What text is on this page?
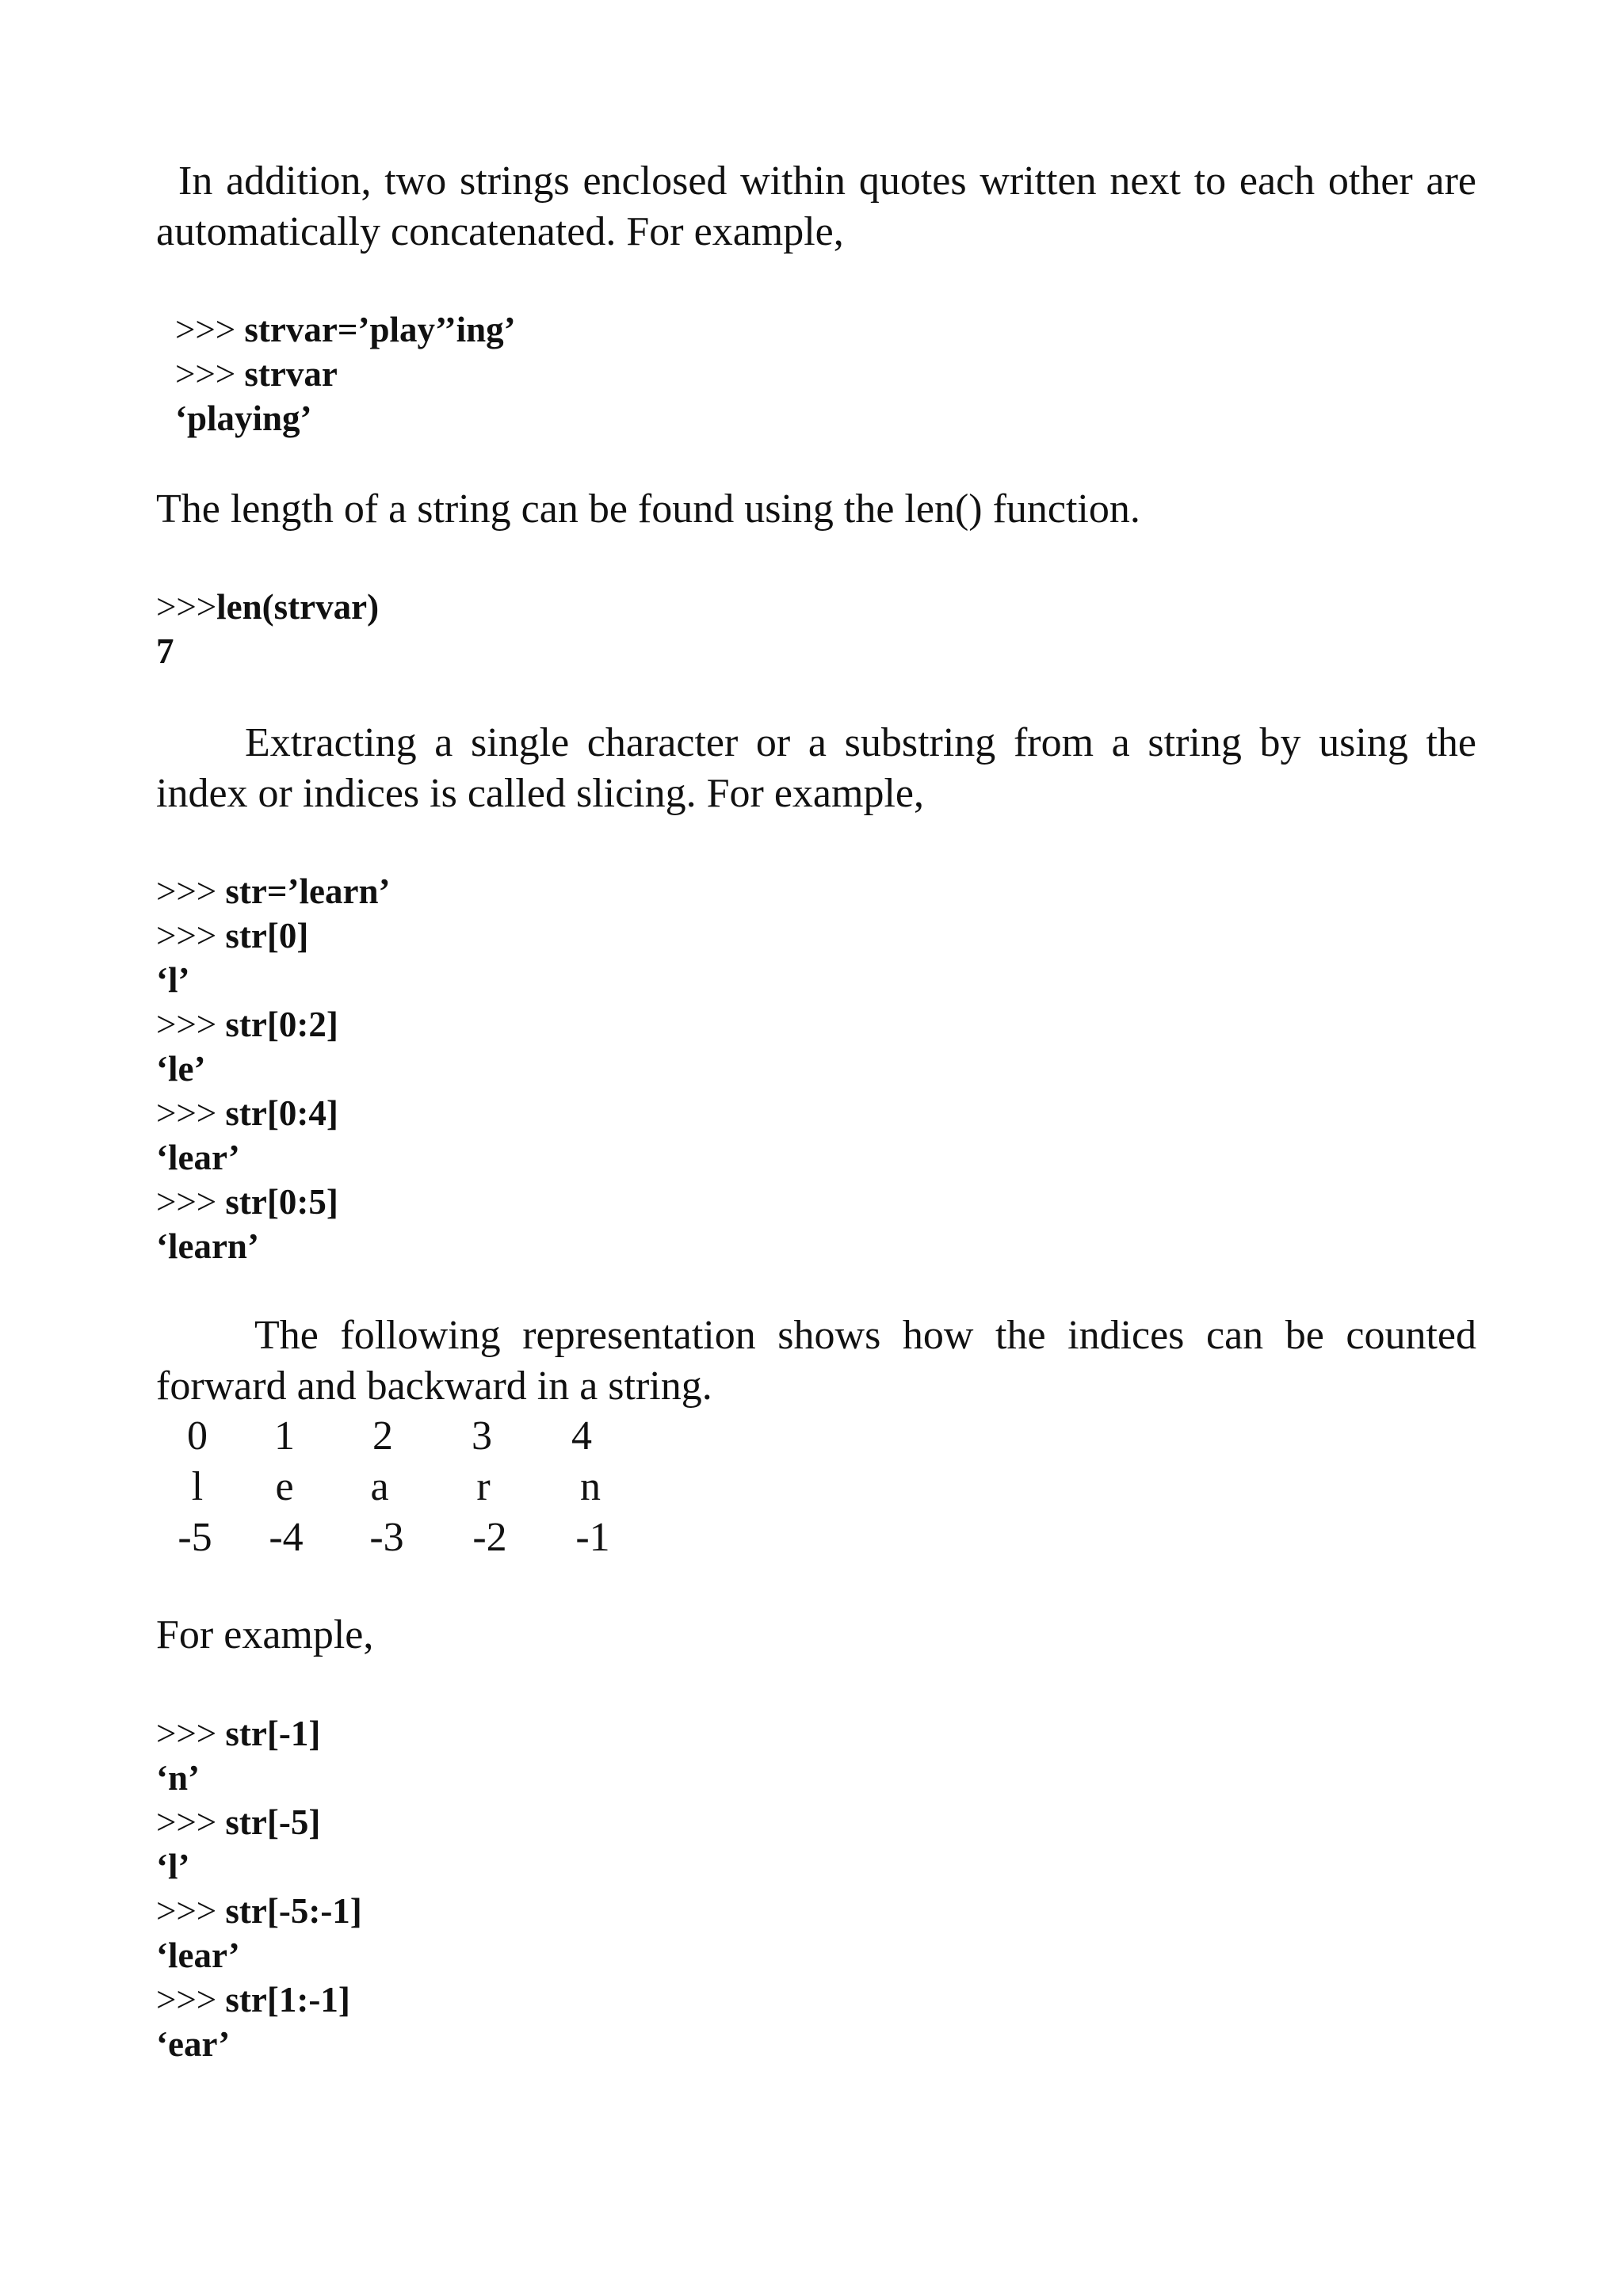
In addition, two strings enclosed within quotes written next to each other are automatically concatenated. For example,

>>> strvar=’play’’ing’
>>> strvar
‘playing’

The length of a string can be found using the len() function.

>>>len(strvar)
7

Extracting a single character or a substring from a string by using the index or indices is called slicing. For example,

>>> str=’learn’
>>> str[0]
‘l’
>>> str[0:2]
‘le’
>>> str[0:4]
‘lear’
>>> str[0:5]
‘learn’

The following representation shows how the indices can be counted forward and backward in a string.

0	1	2	3	4
l	e	a	r	n
-5	-4	-3	-2	-1

For example,

>>> str[-1]
‘n’
>>> str[-5]
‘l’
>>> str[-5:-1]
‘lear’
>>> str[1:-1]
‘ear’
